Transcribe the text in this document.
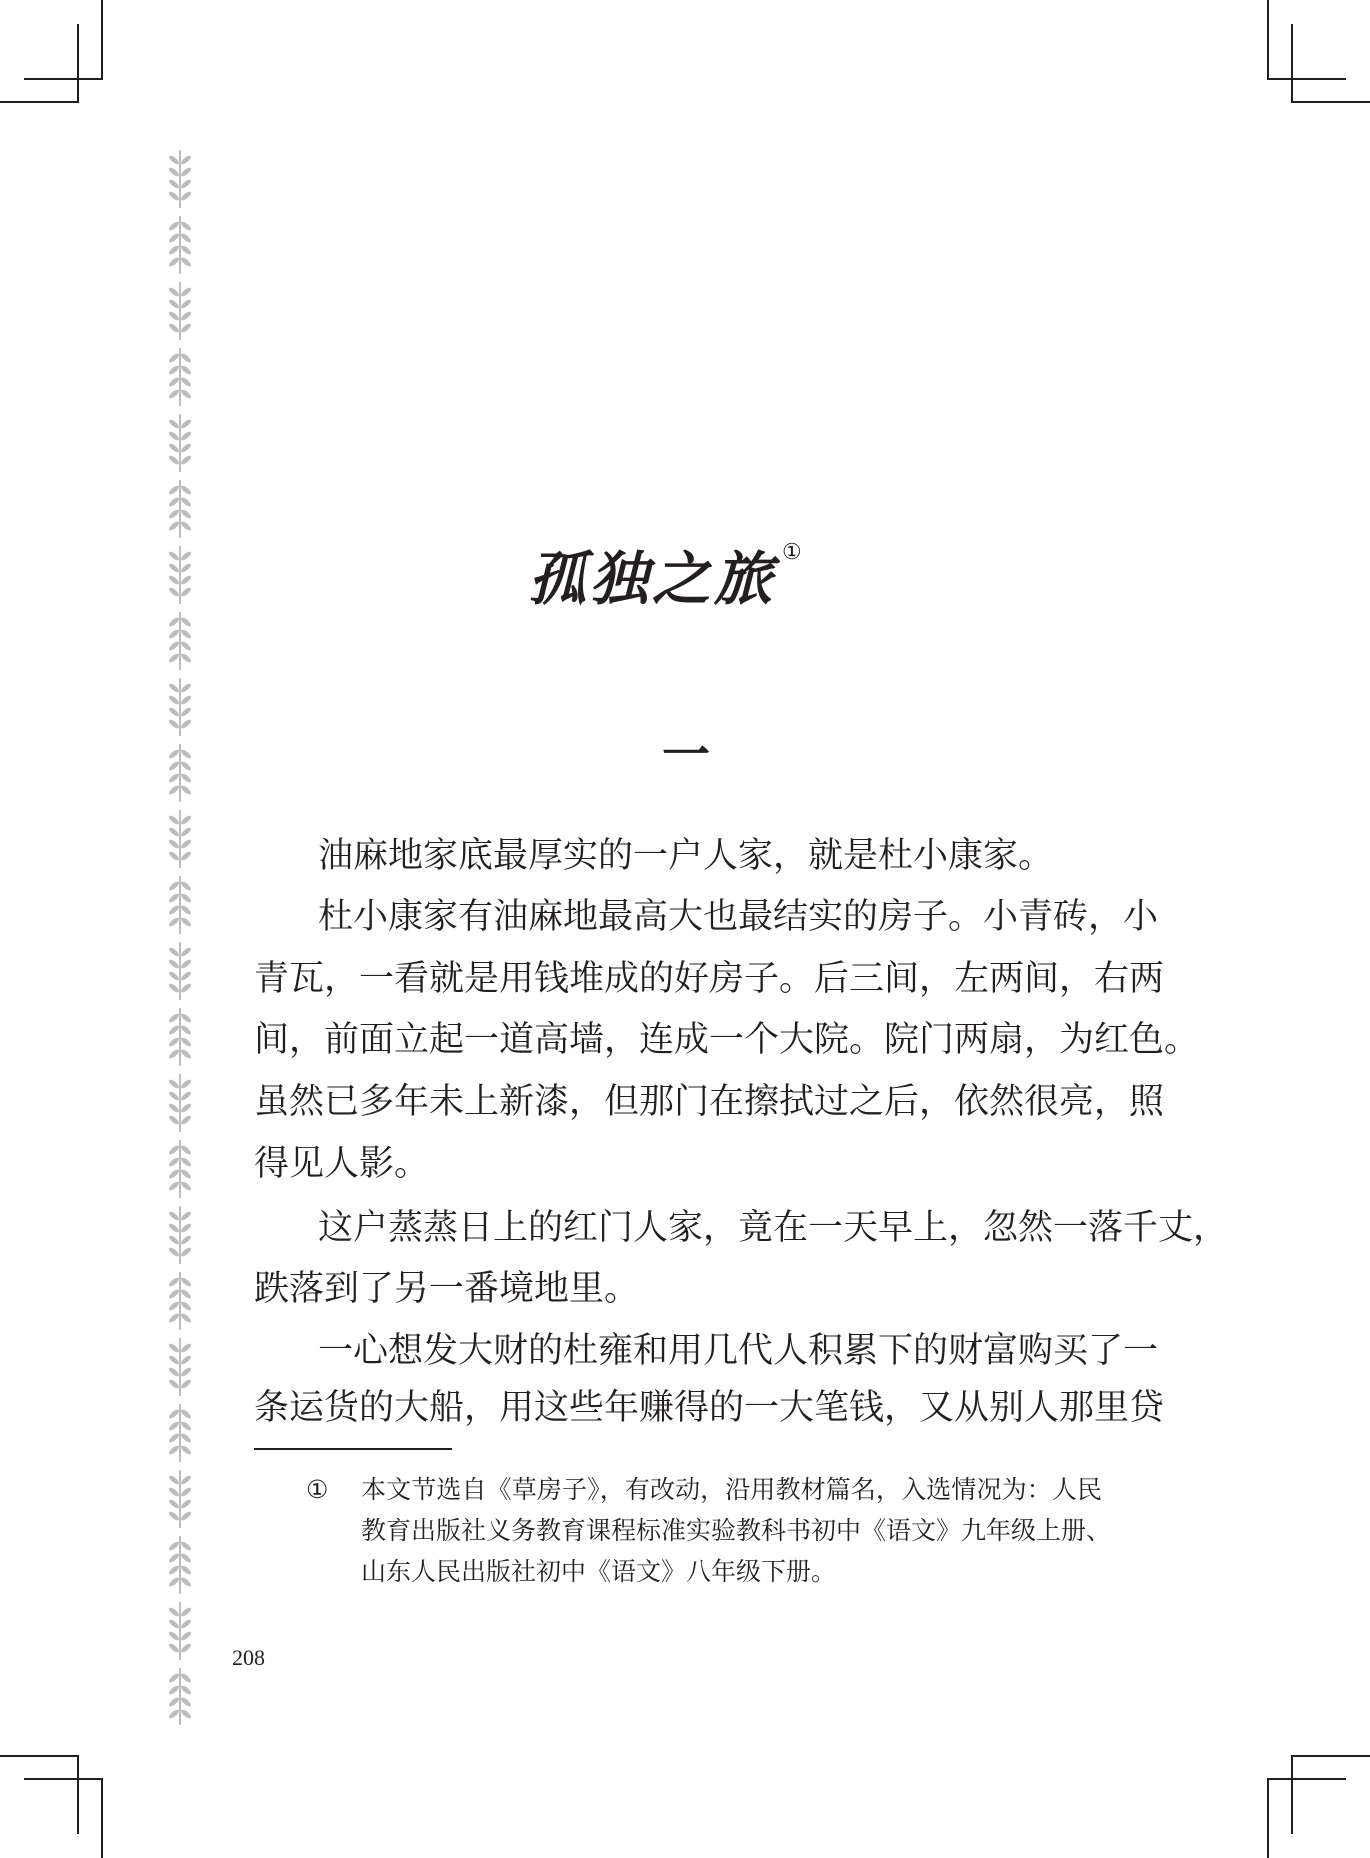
孤独之旅 ①
一
油麻地家底最厚实的一户人家，就是杜小康家。
杜小康家有油麻地最高大也最结实的房子。小青砖，小
青瓦，一看就是用钱堆成的好房子。后三间，左两间，右两
间，前面立起一道高墙，连成一个大院。院门两扇，为红色。
虽然已多年未上新漆，但那门在擦拭过之后，依然很亮，照
得见人影。
这户蒸蒸日上的红门人家，竟在一天早上，忽然一落千丈，
跌落到了另一番境地里。
一心想发大财的杜雍和用几代人积累下的财富购买了一
条运货的大船，用这些年赚得的一大笔钱，又从别人那里贷
① 本文节选自《草房子》，有改动，沿用教材篇名，入选情况为：人民
教育出版社义务教育课程标准实验教科书初中《语文》九年级上册、
山东人民出版社初中《语文》八年级下册。
208
